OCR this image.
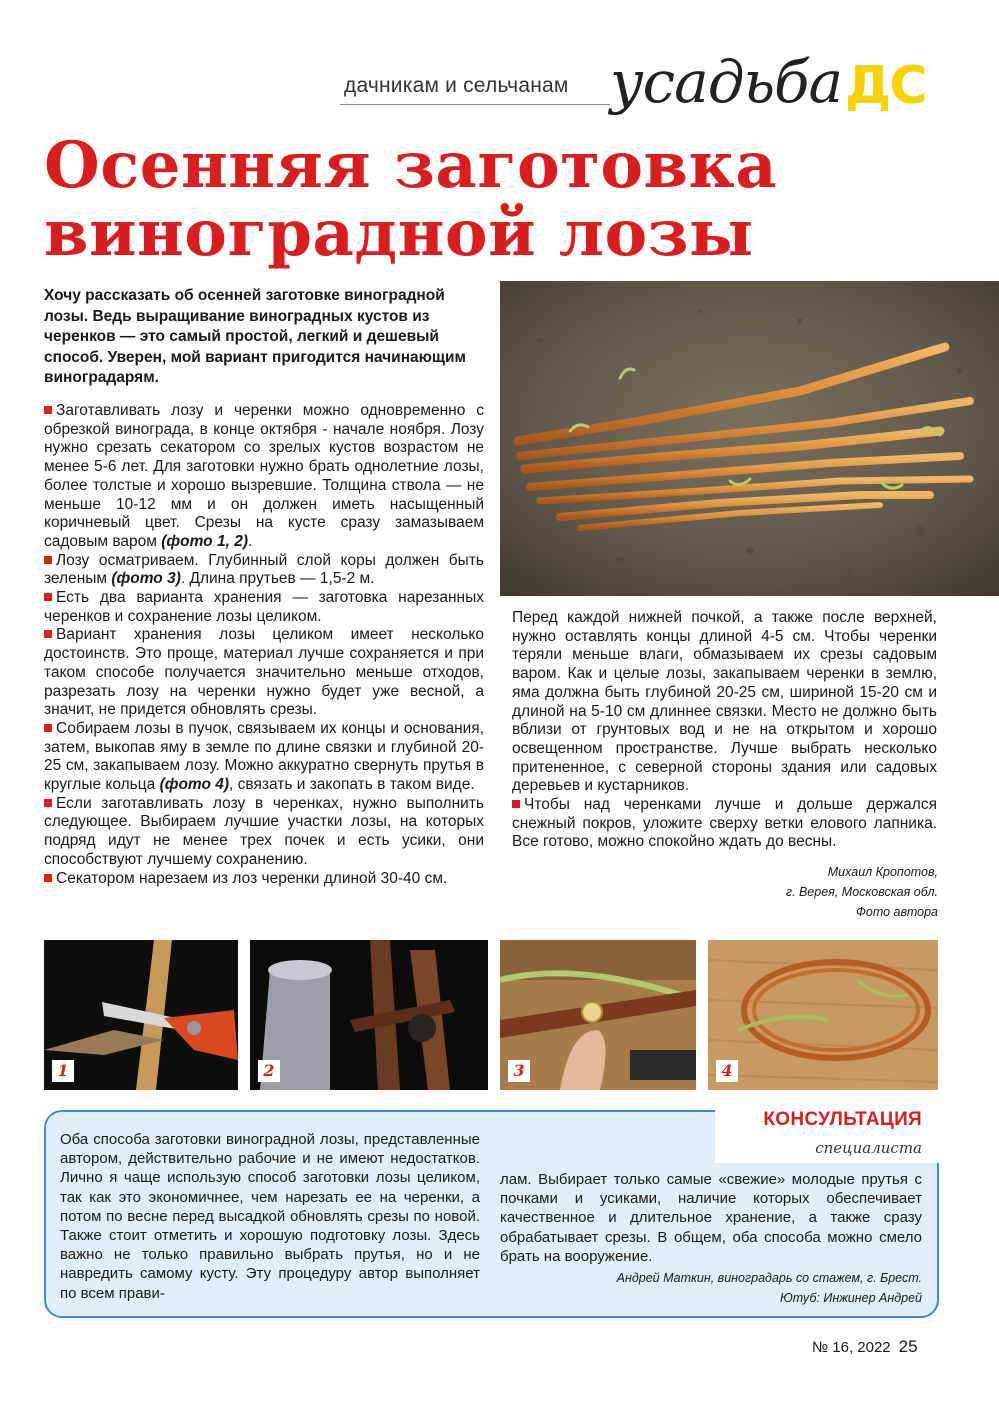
дачникам и сельчанам усадьба ДС
Осенняя заготовка
виноградной лозы

Хочу рассказать об осенней заготовке виноградной лозы. Ведь выращивание виноградных кустов из черенков — это самый простой, легкий и дешевый способ. Уверен, мой вариант пригодится начинающим виноградарям.

Заготавливать лозу и черенки можно одновременно с обрезкой винограда, в конце октября - начале ноября. Лозу нужно срезать секатором со зрелых кустов возрастом не менее 5-6 лет. Для заготовки нужно брать однолетние лозы, более толстые и хорошо вызревшие. Толщина ствола — не меньше 10-12 мм и он должен иметь насыщенный коричневый цвет. Срезы на кусте сразу замазываем садовым варом (фото 1, 2).

Лозу осматриваем. Глубинный слой коры должен быть зеленым (фото 3). Длина прутьев — 1,5-2 м.

Есть два варианта хранения — заготовка нарезанных черенков и сохранение лозы целиком.

Вариант хранения лозы целиком имеет несколько достоинств. Это проще, материал лучше сохраняется и при таком способе получается значительно меньше отходов, разрезать лозу на черенки нужно будет уже весной, а значит, не придется обновлять срезы.

Собираем лозы в пучок, связываем их концы и основания, затем, выкопав яму в земле по длине связки и глубиной 20-25 см, закапываем лозу. Можно аккуратно свернуть прутья в круглые кольца (фото 4), связать и закопать в таком виде.

Если заготавливать лозу в черенках, нужно выполнить следующее. Выбираем лучшие участки лозы, на которых подряд идут не менее трех почек и есть усики, они способствуют лучшему сохранению.

Секатором нарезаем из лоз черенки длиной 30-40 см.

Перед каждой нижней почкой, а также после верхней, нужно оставлять концы длиной 4-5 см. Чтобы черенки теряли меньше влаги, обмазываем их срезы садовым варом. Как и целые лозы, закапываем черенки в землю, яма должна быть глубиной 20-25 см, шириной 15-20 см и длиной на 5-10 см длиннее связки. Место не должно быть вблизи от грунтовых вод и не на открытом и хорошо освещенном пространстве. Лучше выбрать несколько притененное, с северной стороны здания или садовых деревьев и кустарников.

Чтобы над черенками лучше и дольше держался снежный покров, уложите сверху ветки елового лапника. Все готово, можно спокойно ждать до весны.

Михаил Кропотов,
г. Верея, Московская обл.
Фото автора
1	2	3	4
КОНСУЛЬТАЦИЯ
специалиста

Оба способа заготовки виноградной лозы, представленные автором, действительно рабочие и не имеют недостатков. Лично я чаще использую способ заготовки лозы целиком, так как это экономичнее, чем нарезать ее на черенки, а потом по весне перед высадкой обновлять срезы по новой. Также стоит отметить и хорошую подготовку лозы. Здесь важно не только правильно выбрать прутья, но и не навредить самому кусту. Эту процедуру автор выполняет по всем прави-

лам. Выбирает только самые «свежие» молодые прутья с почками и усиками, наличие которых обеспечивает качественное и длительное хранение, а также сразу обрабатывает срезы. В общем, оба способа можно смело брать на вооружение.

Андрей Маткин, виноградарь со стажем, г. Брест.
Ютуб: Инжинер Андрей
№ 16, 2022 25
